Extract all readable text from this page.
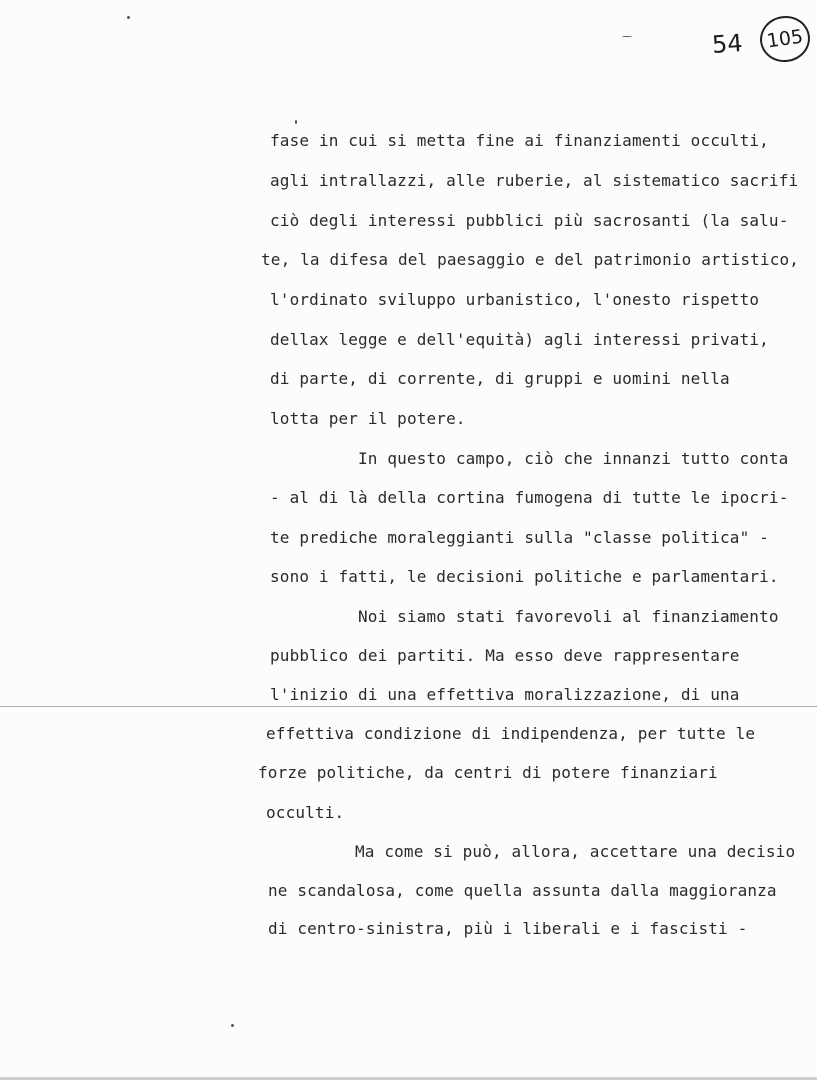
54 105
fase in cui si metta fine ai finanziamenti occulti,
agli intrallazzi, alle ruberie, al sistematico sacrifi
ciò degli interessi pubblici più sacrosanti (la salu-
te, la difesa del paesaggio e del patrimonio artistico,
l'ordinato sviluppo urbanistico, l'onesto rispetto
dellax legge e dell'equità) agli interessi privati,
di parte, di corrente, di gruppi e uomini nella
lotta per il potere.
In questo campo, ciò che innanzi tutto conta
- al di là della cortina fumogena di tutte le ipocri-
te prediche moraleggianti sulla "classe politica" -
sono i fatti, le decisioni politiche e parlamentari.
Noi siamo stati favorevoli al finanziamento
pubblico dei partiti. Ma esso deve rappresentare
l'inizio di una effettiva moralizzazione, di una
effettiva condizione di indipendenza, per tutte le
forze politiche, da centri di potere finanziari
occulti.
Ma come si può, allora, accettare una decisio
ne scandalosa, come quella assunta dalla maggioranza
di centro-sinistra, più i liberali e i fascisti -
